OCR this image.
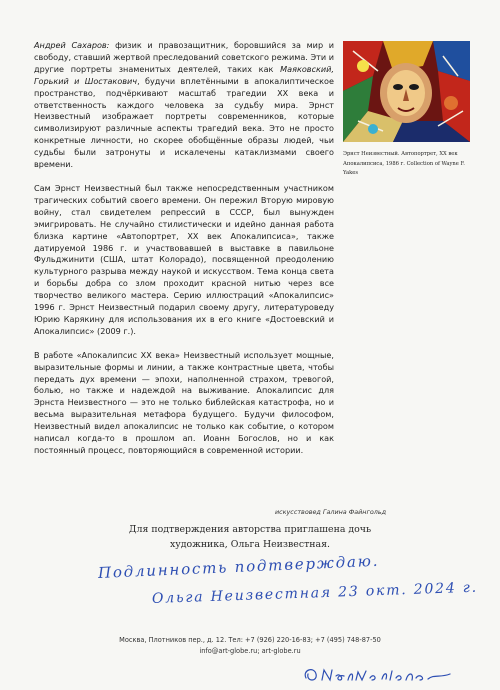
Андрей Сахаров: физик и правозащитник, боровшийся за мир и свободу, ставший жертвой преследований советского режима. Эти и другие портреты знаменитых деятелей, таких как Маяковский, Горький и Шостакович, будучи вплетёнными в апокалиптическое пространство, подчёркивают масштаб трагедии XX века и ответственность каждого человека за судьбу мира. Эрнст Неизвестный изображает портреты современников, которые символизируют различные аспекты трагедий века. Это не просто конкретные личности, но скорее обобщённые образы людей, чьи судьбы были затронуты и искалечены катаклизмами своего времени.

Сам Эрнст Неизвестный был также непосредственным участником трагических событий своего времени. Он пережил Вторую мировую войну, стал свидетелем репрессий в СССР, был вынужден эмигрировать. Не случайно стилистически и идейно данная работа близка картине «Автопортрет, XX век Апокалипсиса», также датируемой 1986 г. и участвовавшей в выставке в павильоне Фульджинити (США, штат Колорадо), посвященной преодолению культурного разрыва между наукой и искусством. Тема конца света и борьбы добра со злом проходит красной нитью через все творчество великого мастера. Серию иллюстраций «Апокалипсис» 1996 г. Эрнст Неизвестный подарил своему другу, литературоведу Юрию Карякину для использования их в его книге «Достоевский и Апокалипсис» (2009 г.).

В работе «Апокалипсис XX века» Неизвестный использует мощные, выразительные формы и линии, а также контрастные цвета, чтобы передать дух времени — эпохи, наполненной страхом, тревогой, болью, но также и надеждой на выживание. Апокалипсис для Эрнста Неизвестного — это не только библейская катастрофа, но и весьма выразительная метафора будущего. Будучи философом, Неизвестный видел апокалипсис не только как событие, о котором написал когда-то в прошлом ап. Иоанн Богослов, но и как постоянный процесс, повторяющийся в современной истории.

Эрнст Неизвестный. Автопортрет, XX век
Апокалипсиса, 1986 г. Collection of Wayne F. Yakes
искусствовед Галина Файнгольд
Для подтверждения авторства приглашена дочь
художника, Ольга Неизвестная.
Подлинность подтверждаю.
Ольга Неизвестная 23 окт. 2024 г.
Москва, Плотников пер., д. 12. Тел: +7 (926) 220-16-83; +7 (495) 748-87-50
info@art-globe.ru; art-globe.ru
